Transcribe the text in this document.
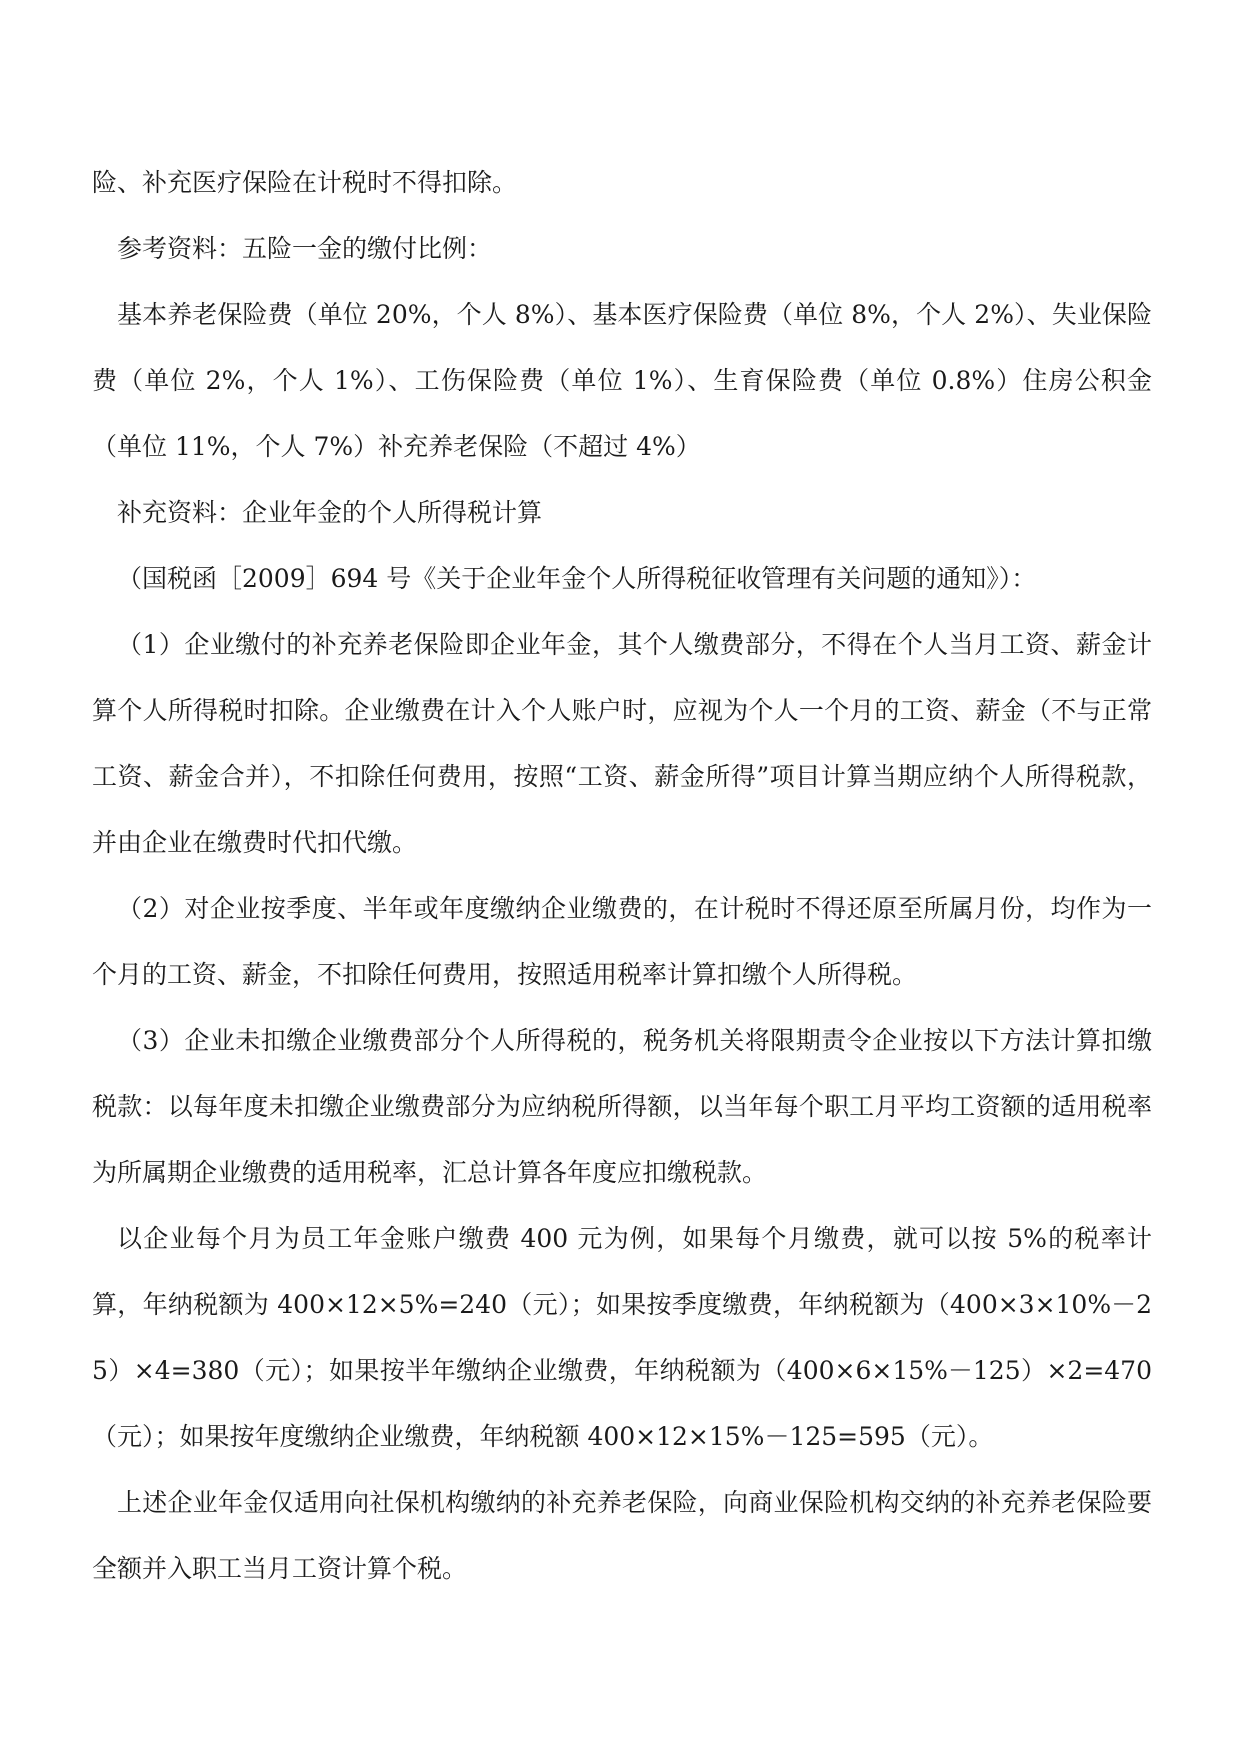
险、补充医疗保险在计税时不得扣除。

参考资料：五险一金的缴付比例：

基本养老保险费（单位 20%，个人 8%）、基本医疗保险费（单位 8%，个人 2%）、失业保险费（单位 2%，个人 1%）、工伤保险费（单位 1%）、生育保险费（单位 0.8%）住房公积金（单位 11%，个人 7%）补充养老保险（不超过 4%）

补充资料：企业年金的个人所得税计算

（国税函［2009］694 号《关于企业年金个人所得税征收管理有关问题的通知》）：

（1）企业缴付的补充养老保险即企业年金，其个人缴费部分，不得在个人当月工资、薪金计算个人所得税时扣除。企业缴费在计入个人账户时，应视为个人一个月的工资、薪金（不与正常工资、薪金合并），不扣除任何费用，按照“工资、薪金所得”项目计算当期应纳个人所得税款，并由企业在缴费时代扣代缴。

（2）对企业按季度、半年或年度缴纳企业缴费的，在计税时不得还原至所属月份，均作为一个月的工资、薪金，不扣除任何费用，按照适用税率计算扣缴个人所得税。

（3）企业未扣缴企业缴费部分个人所得税的，税务机关将限期责令企业按以下方法计算扣缴税款：以每年度未扣缴企业缴费部分为应纳税所得额，以当年每个职工月平均工资额的适用税率为所属期企业缴费的适用税率，汇总计算各年度应扣缴税款。

以企业每个月为员工年金账户缴费 400 元为例，如果每个月缴费，就可以按 5%的税率计算，年纳税额为 400×12×5%=240（元）；如果按季度缴费，年纳税额为（400×3×10%－25）×4=380（元）；如果按半年缴纳企业缴费，年纳税额为（400×6×15%－125）×2=470（元）；如果按年度缴纳企业缴费，年纳税额 400×12×15%－125=595（元）。

上述企业年金仅适用向社保机构缴纳的补充养老保险，向商业保险机构交纳的补充养老保险要全额并入职工当月工资计算个税。
